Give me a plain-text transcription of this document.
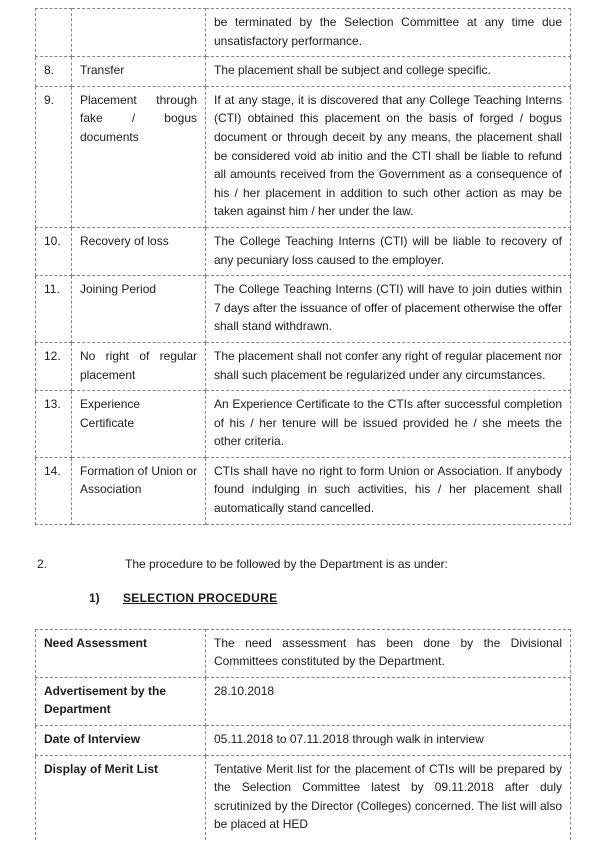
		be terminated by the Selection Committee at any time due unsatisfactory performance.
8.	Transfer	The placement shall be subject and college specific.
9.	Placement through fake / bogus documents	If at any stage, it is discovered that any College Teaching Interns (CTI) obtained this placement on the basis of forged / bogus document or through deceit by any means, the placement shall be considered void ab initio and the CTI shall be liable to refund all amounts received from the Government as a consequence of his / her placement in addition to such other action as may be taken against him / her under the law.
10.	Recovery of loss	The College Teaching Interns (CTI) will be liable to recovery of any pecuniary loss caused to the employer.
11.	Joining Period	The College Teaching Interns (CTI) will have to join duties within 7 days after the issuance of offer of placement otherwise the offer shall stand withdrawn.
12.	No right of regular placement	The placement shall not confer any right of regular placement nor shall such placement be regularized under any circumstances.
13.	Experience Certificate	An Experience Certificate to the CTIs after successful completion of his / her tenure will be issued provided he / she meets the other criteria.
14.	Formation of Union or Association	CTIs shall have no right to form Union or Association. If anybody found indulging in such activities, his / her placement shall automatically stand cancelled.
2.	The procedure to be followed by the Department is as under:
1)	SELECTION PROCEDURE
Need Assessment	The need assessment has been done by the Divisional Committees constituted by the Department.
Advertisement by the Department	28.10.2018
Date of Interview	05.11.2018 to 07.11.2018 through walk in interview
Display of Merit List	Tentative Merit list for the placement of CTIs will be prepared by the Selection Committee latest by 09.11.2018 after duly scrutinized by the Director (Colleges) concerned. The list will also be placed at HED
